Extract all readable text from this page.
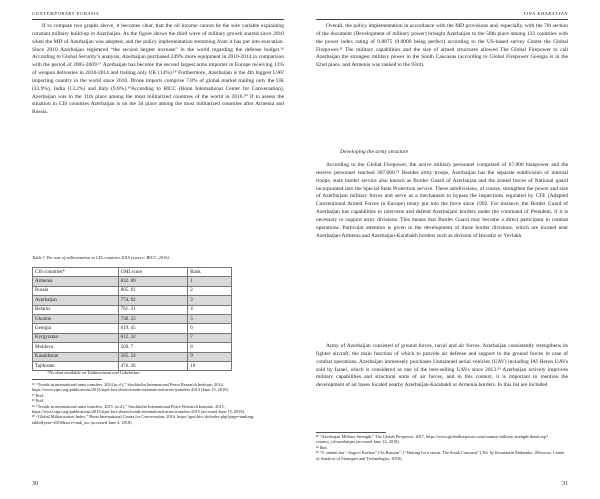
CONTEMPORARY EURASIA	TINA KHARATYAN

If to compare two graphs above, it becomes clear, that the oil income cannot be the sole variable explaining constant military build-up in Azerbaijan. As the figure shows the third wave of military growth started since 2010 when the MD of Azerbaijan was adopted, and the policy implementation stemming from it has put into execution. Since 2010 Azerbaijan registered “the second largest increase” in the world regarding the defense budget.¹⁶ According to Global Security’s analysis, Azerbaijan purchased 249% more equipment in 2010-2014 in comparison with the period of 2005-2009.¹⁷ Azerbaijan has become the second largest arms importer in Europe receiving 13% of weapon deliveries in 2010-2014 and trailing only UK (14%).¹⁸ Furthermore, Azerbaijan is the 4th biggest UAV importing country in the world since 2010. Drone imports comprise 7.8% of global market trailing only the UK (33.9%), India (13.2%) and Italy (9.8%).¹⁹According to BICC (Bonn International Center for Conversation), Azerbaijan was in the 11th place among the most militarized countries of the world in 2016.²⁰ If to assess the situation in CIS countries Azerbaijan is on the 3d place among the most militarized countries after Armenia and Russia.

Table 1 The rate of militarization in CIS countries 2016 (source: BICC, 2016)
CIS countries*	GMI score	Rank
Armenia	832. 69	1
Russia	805. 61	2
Azerbaijan	774. 92	3
Belarus	761. 31	4
Ukraine	738. 23	5
Georgia	619. 45	6
Kyrgyzstan	612. 32	7
Moldova	569. 7	8
Kazakhstan	565. 24	9
Tajikistan	476. 26	10
*No data available on Turkmenistan and Uzbekistan
¹⁶ “Trends in international arms transfers, 2014 (n.d.),” Stockholm International Peace Research Institute, 2014, https://www.sipri.org/publications/2015/sipri-fact-sheets/trends-international-arms-transfers-2014 (June 15, 2018).
¹⁷ Ibid.
¹⁸ Ibid.
¹⁹ “Trends in international arms transfers, 2015. (n.d.),” Stockholm International Peace Research Institute, 2015, https://www.sipri.org/publications/2015/sipri-fact-sheets/trends-international-arms-transfers-2015 (accessed June 15, 2018).
²⁰ “Global Militarization Index,” Bonn International Center for Conversation, 2016. https://gmi.bicc.de/index.php?page=ranking-table&year=2016&sort=rank_asc (accessed June 4, 2018).
30

Overall, the policy implementation in accordance with the MD provisions and, especially, with the 7th section of the document (Development of military power) brought Azerbaijan to the 58th place among 133 countries with the power index rating of 0.8875 (0.0000 being perfect) according to the US-based survey Center the Global Firepower.²¹ The military capabilities and the size of armed structures allowed The Global Firepower to call Azerbaijan the strongest military power in the South Caucasus (according to Global Firepower Georgia is in the 82nd place, and Armenia was ranked to the 93rd).

Developing the army structure

According to the Global Firepower, the active military personnel comprised of 67.000 manpower and the reserve personnel reached 307.000.²² Besides army troops, Azerbaijan has the separate subdivision of internal troops, state border service also known as Border Guard of Azerbaijan and the armed forces of National guard incorporated into the Special State Protection service. These subdivisions, of course, strengthen the power and size of Azerbaijani military forces and serve as a mechanism to bypass the inspections regulated by CFE (Adapted Conventional Armed Forces in Europe) treaty put into the force since 1992. For instance, the Border Guard of Azerbaijan has capabilities to intervene and defend Azerbaijani borders under the command of President, if it is necessary to support army divisions. This means that Border Guard may become a direct participant in combat operations. Particular attention is given to the development of those border divisions, which are located near Azerbaijan-Armenia and Azerbaijan-Karabakh borders such as division of Horadiz or Yevlakh.

Army of Azerbaijan consisted of ground forces, naval and air forces. Azerbaijan consistently strengthens its fighter aircraft, the main function of which to provide air defense and support to the ground forces in case of combat operations. Azerbaijan immensely purchases Unmanned aerial vehicles (UAV) including IAI Heron UAVs sold by Israel, which is considered as one of the best-selling UAVs since 2013.²³ Azerbaijan actively improves military capabilities and structural units of air forces, and in this context, it is important to mention the development of air bases located nearby Azerbaijan-Karabakh or Armenia borders. In this list are included

²¹ “Azerbaijan Military Strength,” The Global Firepower, 2017, https://www.globalfirepower.com/country-military-strength-detail.asp?country_id=azerbaijan (accessed June 12, 2018).
²² Ibid.
²³ “V oidanii bur’: Itogovi Kavkaz” (“in Russian”, [“Waiting for a storm: The South Caucasus”], Ed. by Konstantin Makienko, (Moscow: Center of Analysis of Strategies and Technologies, 2018).
31
